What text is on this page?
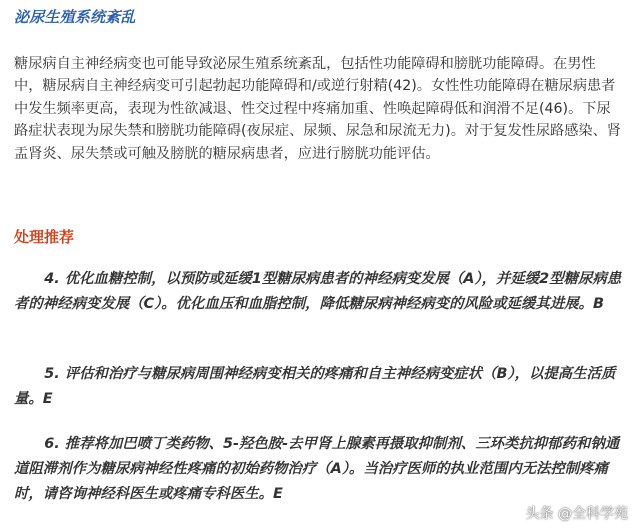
泌尿生殖系统紊乱

糖尿病自主神经病变也可能导致泌尿生殖系统紊乱，包括性功能障碍和膀胱功能障碍。在男性中，糖尿病自主神经病变可引起勃起功能障碍和/或逆行射精(42)。女性性功能障碍在糖尿病患者中发生频率更高，表现为性欲减退、性交过程中疼痛加重、性唤起障碍低和润滑不足(46)。下尿路症状表现为尿失禁和膀胱功能障碍(夜尿症、尿频、尿急和尿流无力)。对于复发性尿路感染、肾盂肾炎、尿失禁或可触及膀胱的糖尿病患者，应进行膀胱功能评估。

处理推荐

4. 优化血糖控制，以预防或延缓1型糖尿病患者的神经病变发展（A），并延缓2型糖尿病患者的神经病变发展（C）。优化血压和血脂控制，降低糖尿病神经病变的风险或延缓其进展。B

5. 评估和治疗与糖尿病周围神经病变相关的疼痛和自主神经病变症状（B），以提高生活质量。E

6. 推荐将加巴喷丁类药物、5-羟色胺-去甲肾上腺素再摄取抑制剂、三环类抗抑郁药和钠通道阻滞剂作为糖尿病神经性疼痛的初始药物治疗（A）。当治疗医师的执业范围内无法控制疼痛时，请咨询神经科医生或疼痛专科医生。E

头条 @全科学苑
